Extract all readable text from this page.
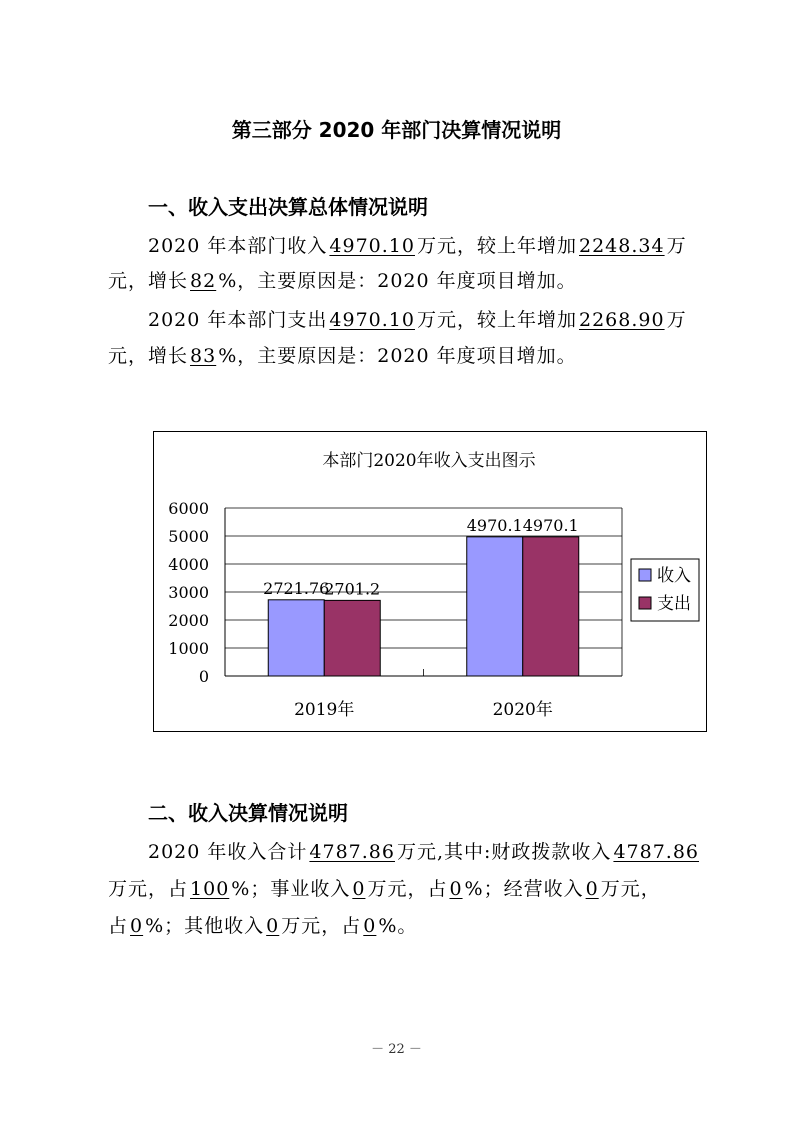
第三部分 2020 年部门决算情况说明
一、收入支出决算总体情况说明
2020 年本部门收入 4970.10 万元，较上年增加 2248.34 万
元，增长 82 %，主要原因是：2020 年度项目增加。
2020 年本部门支出 4970.10 万元，较上年增加 2268.90 万
元，增长 83 %，主要原因是：2020 年度项目增加。
本部门2020年收入支出图示
0
1000
2000
3000
4000
5000
6000
2721.76
2701.2
2019年
4970.1 4970.1
2020年
收入
支出
二、收入决算情况说明
2020 年收入合计 4787.86 万元,其中:财政拨款收入 4787.86
万元，占 100 %；事业收入 0 万元，占 0 %；经营收入 0 万元，
占 0 %；其他收入 0 万元，占 0 %。
－ 22 －
